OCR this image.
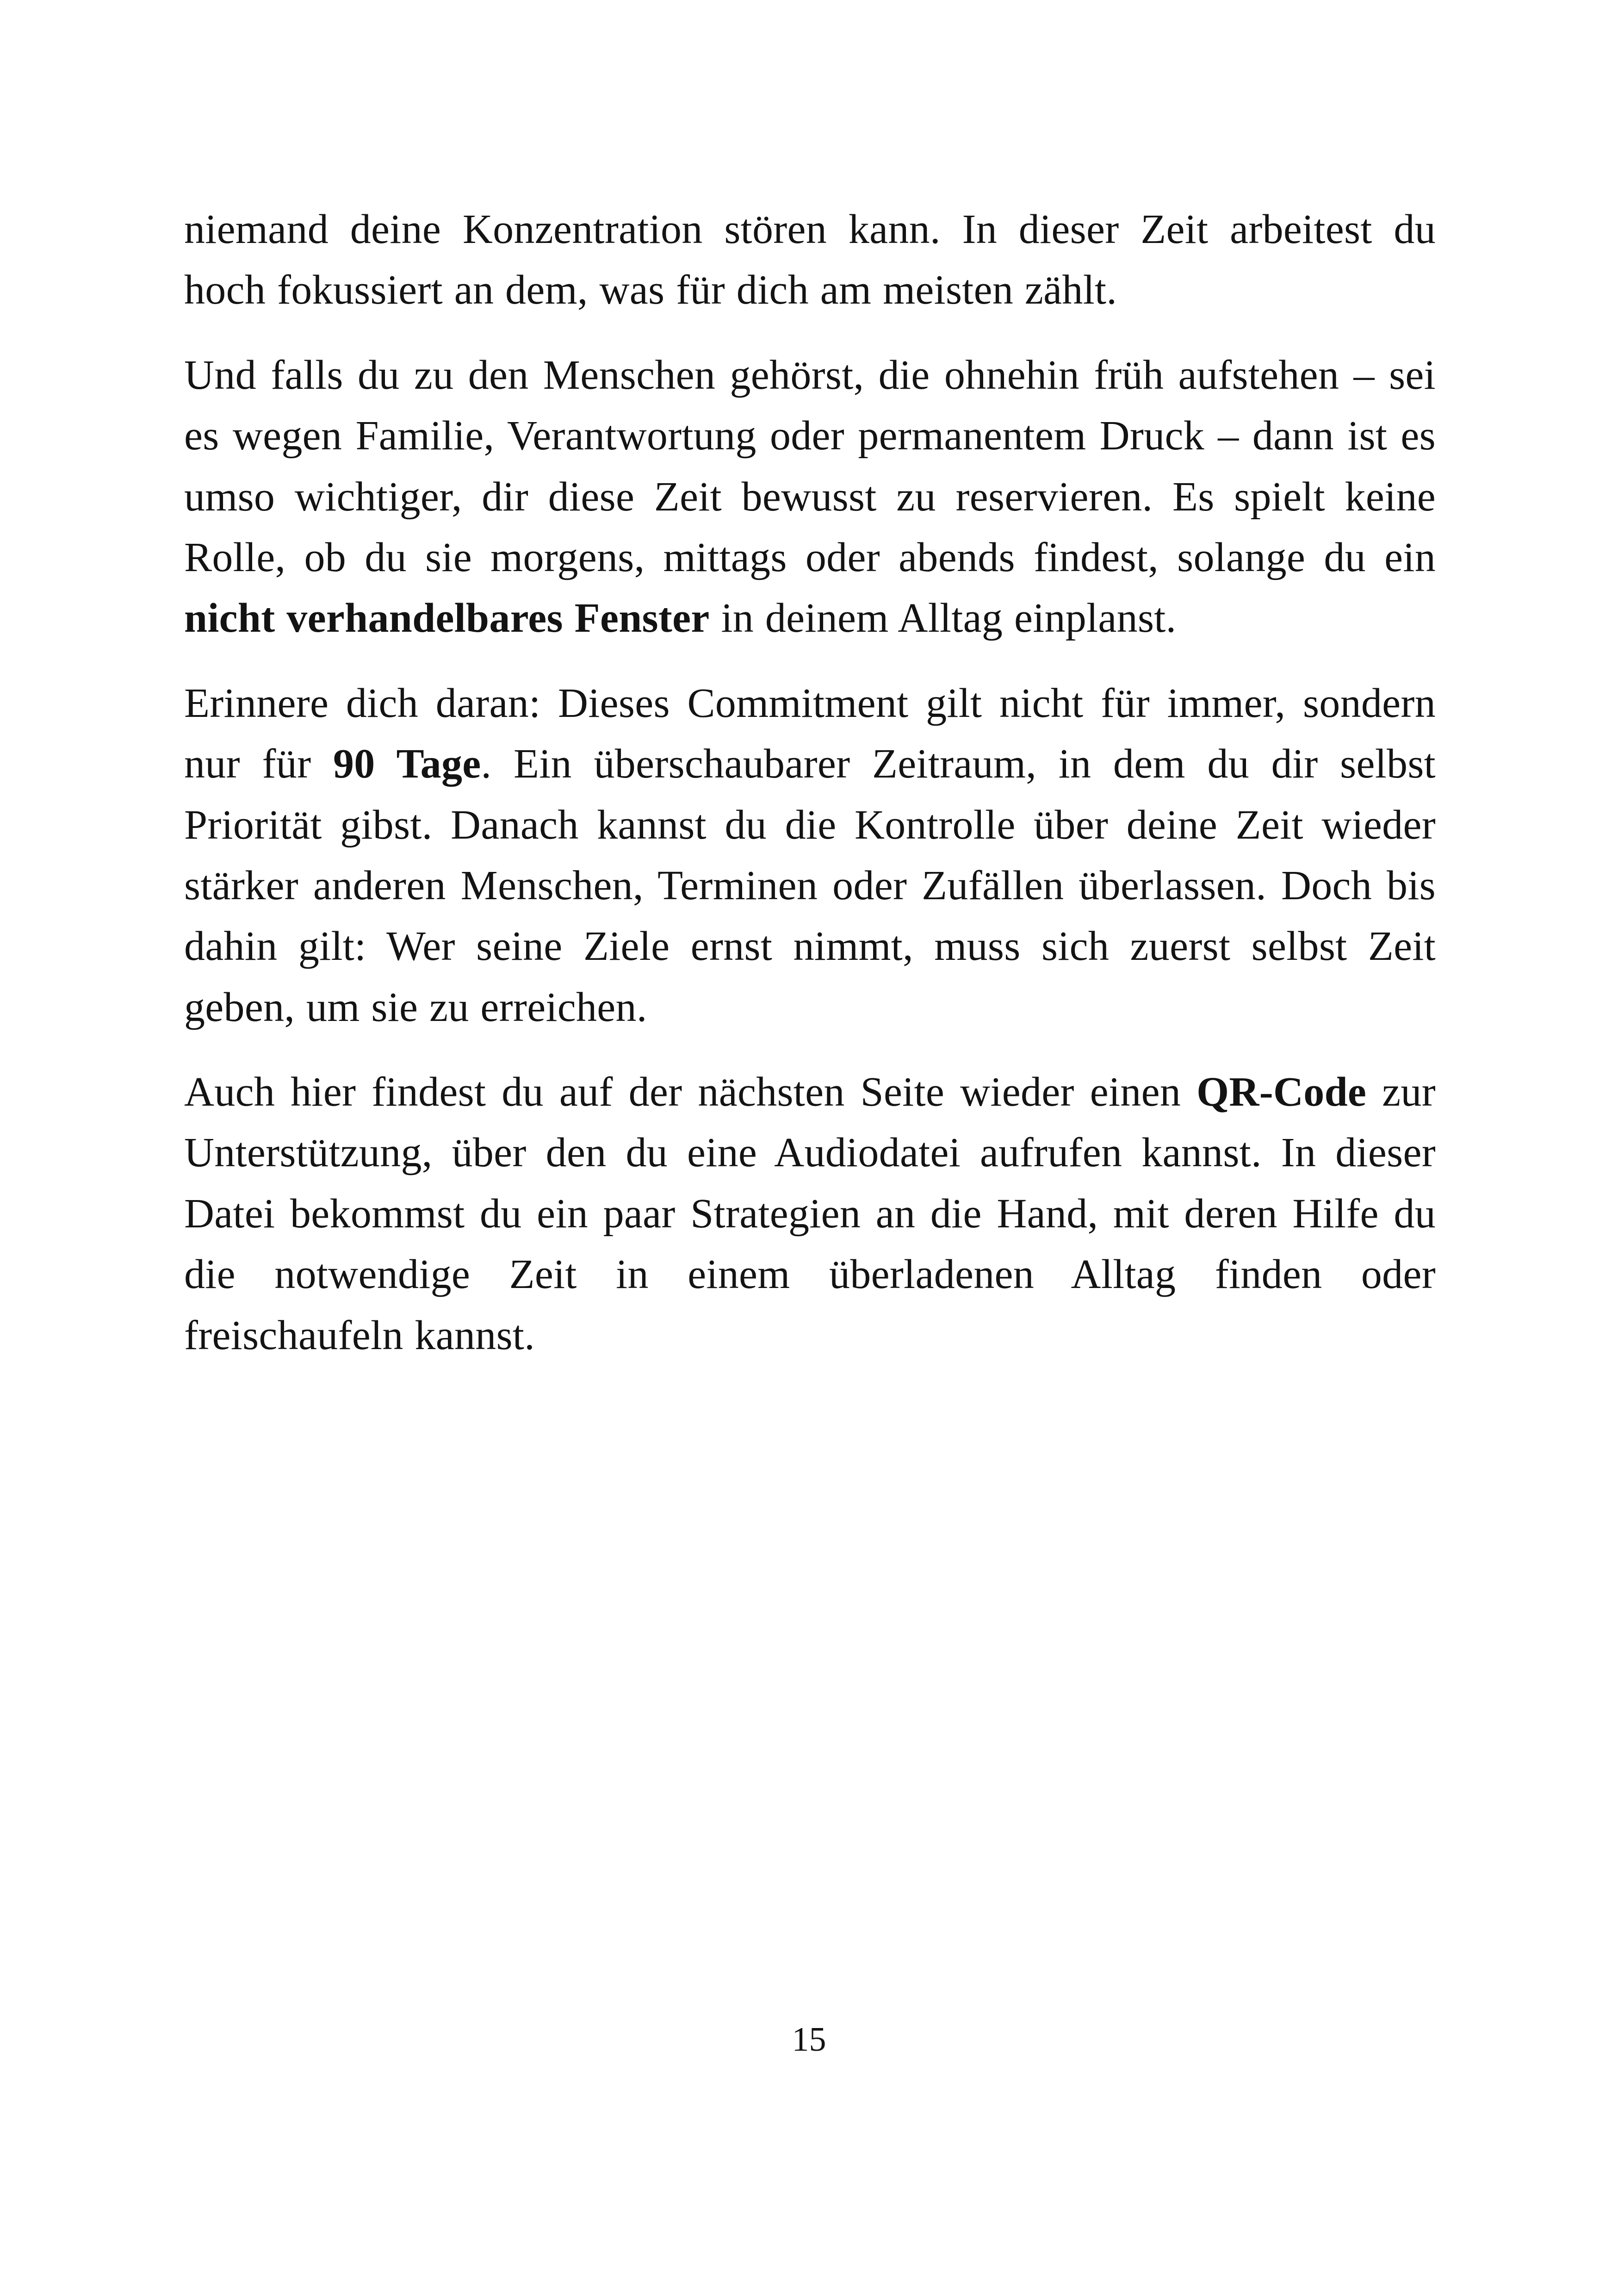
niemand deine Konzentration stören kann. In dieser Zeit arbeitest du hoch fokussiert an dem, was für dich am meisten zählt.

Und falls du zu den Menschen gehörst, die ohnehin früh aufstehen – sei es wegen Familie, Verantwortung oder permanentem Druck – dann ist es umso wichtiger, dir diese Zeit bewusst zu reservieren. Es spielt keine Rolle, ob du sie morgens, mittags oder abends findest, solange du ein nicht verhandelbares Fenster in deinem Alltag einplanst.

Erinnere dich daran: Dieses Commitment gilt nicht für immer, sondern nur für 90 Tage. Ein überschaubarer Zeitraum, in dem du dir selbst Priorität gibst. Danach kannst du die Kontrolle über deine Zeit wieder stärker anderen Menschen, Terminen oder Zufällen überlassen. Doch bis dahin gilt: Wer seine Ziele ernst nimmt, muss sich zuerst selbst Zeit geben, um sie zu erreichen.

Auch hier findest du auf der nächsten Seite wieder einen QR-Code zur Unterstützung, über den du eine Audiodatei aufrufen kannst. In dieser Datei bekommst du ein paar Strategien an die Hand, mit deren Hilfe du die notwendige Zeit in einem überladenen Alltag finden oder freischaufeln kannst.

15
